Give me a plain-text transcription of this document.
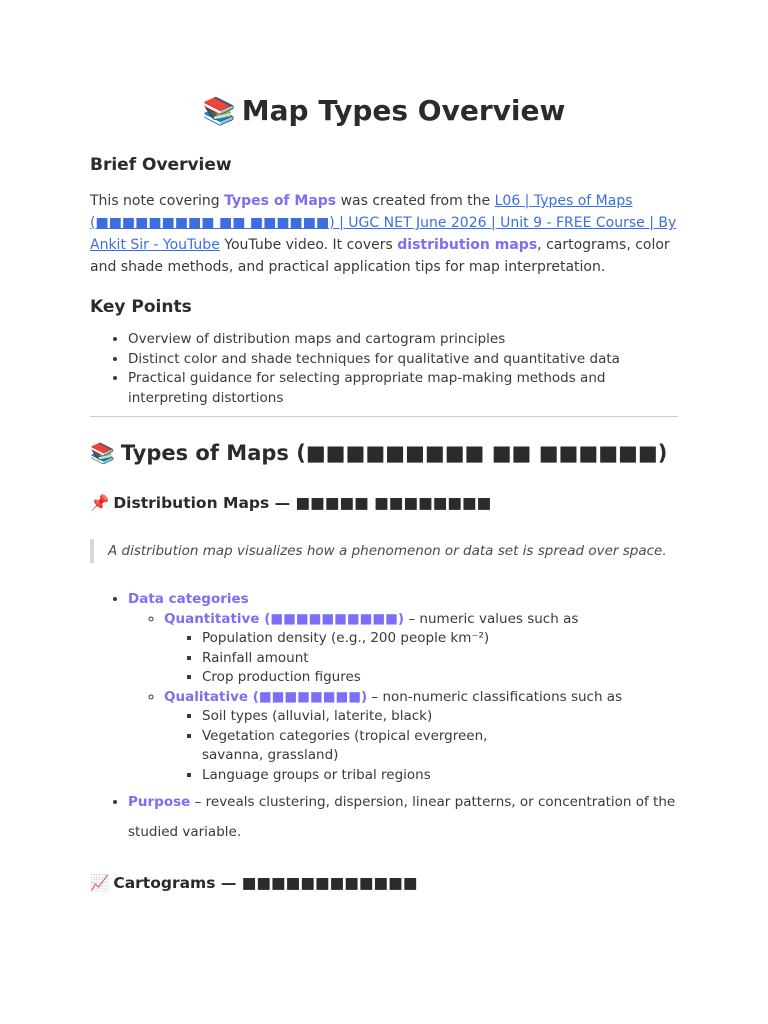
📚 Map Types Overview
Brief Overview
This note covering Types of Maps was created from the L06 | Types of Maps (■■■■■■■■■ ■■ ■■■■■■) | UGC NET June 2026 | Unit 9 - FREE Course | By Ankit Sir - YouTube YouTube video. It covers distribution maps, cartograms, color and shade methods, and practical application tips for map interpretation.
Key Points
• Overview of distribution maps and cartogram principles
• Distinct color and shade techniques for qualitative and quantitative data
• Practical guidance for selecting appropriate map-making methods and interpreting distortions
📚 Types of Maps (■■■■■■■■■ ■■ ■■■■■■)
📌 Distribution Maps — ■■■■■ ■■■■■■■■
A distribution map visualizes how a phenomenon or data set is spread over space.
• Data categories
◦ Quantitative (■■■■■■■■■■) – numeric values such as
▪ Population density (e.g., 200 people km⁻²)
▪ Rainfall amount
▪ Crop production figures
◦ Qualitative (■■■■■■■■) – non-numeric classifications such as
▪ Soil types (alluvial, laterite, black)
▪ Vegetation categories (tropical evergreen, savanna, grassland)
▪ Language groups or tribal regions
• Purpose – reveals clustering, dispersion, linear patterns, or concentration of the studied variable.
📈 Cartograms — ■■■■■■■■■■■■
